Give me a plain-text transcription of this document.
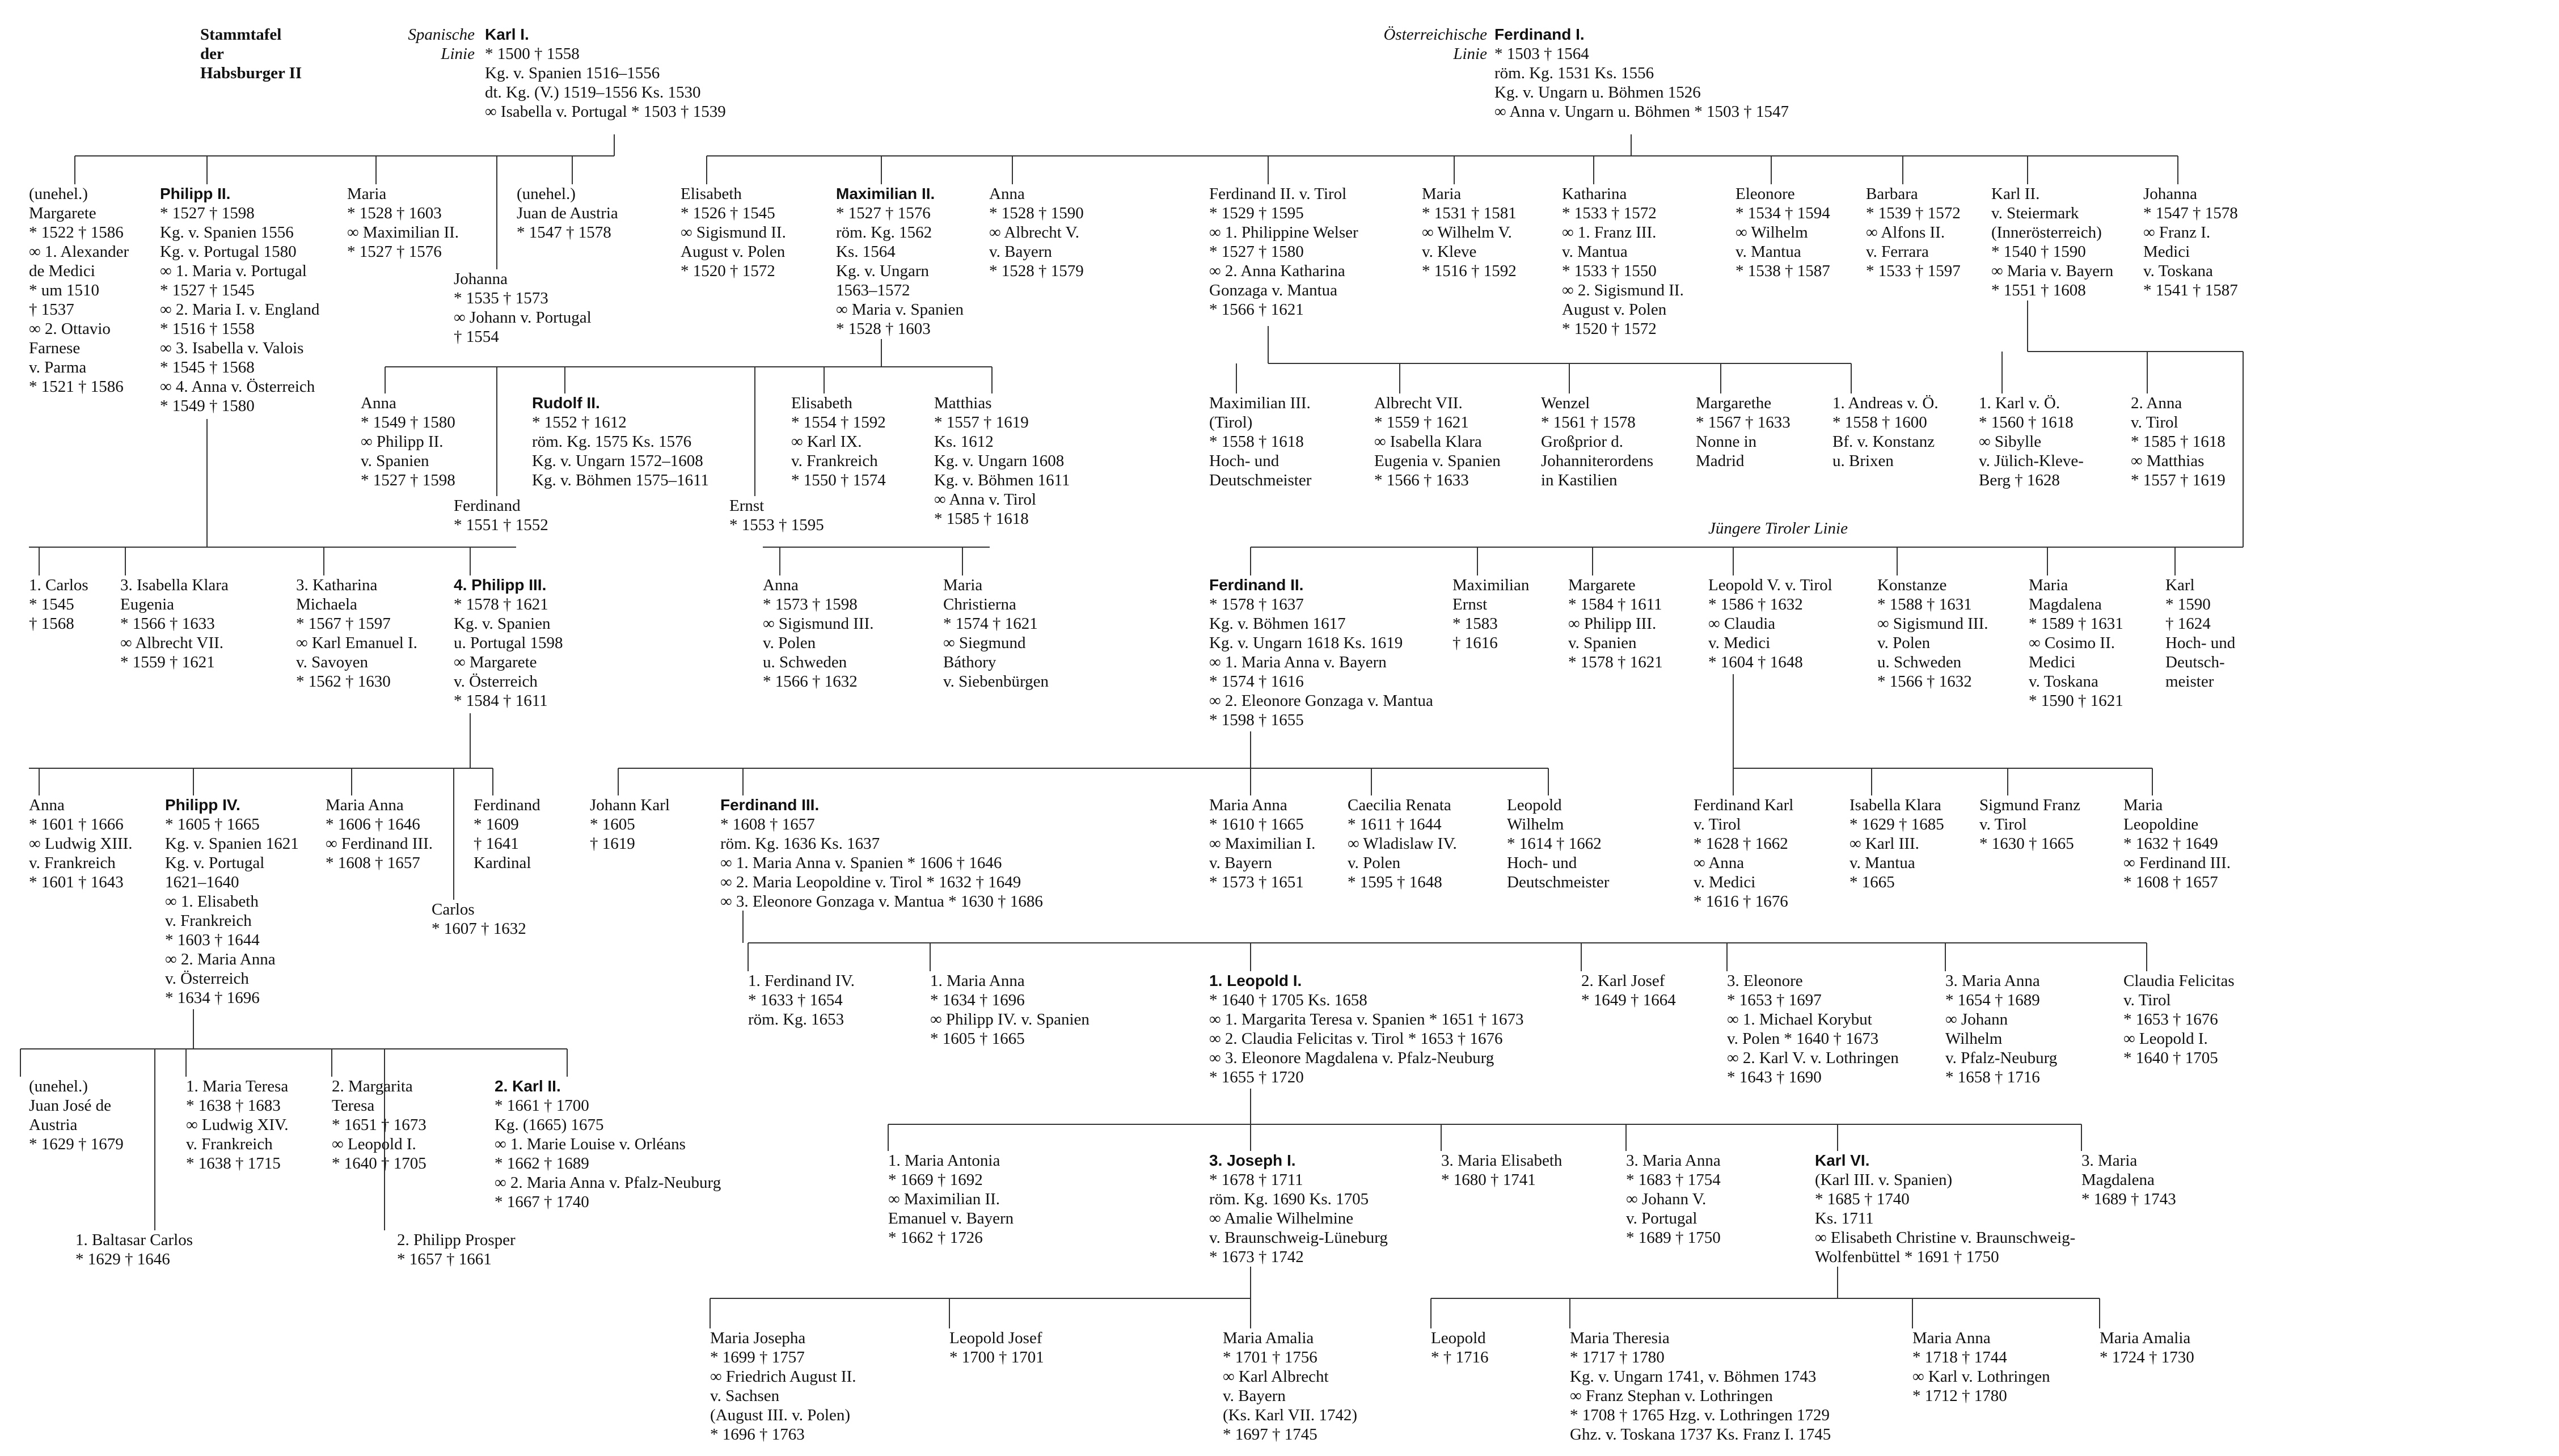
Stammtafel
der
Habsburger II
Spanische
Linie
Karl I.
* 1500 † 1558
Kg. v. Spanien 1516–1556
dt. Kg. (V.) 1519–1556 Ks. 1530
∞ Isabella v. Portugal * 1503 † 1539
Österreichische
Linie
Ferdinand I.
* 1503 † 1564
röm. Kg. 1531 Ks. 1556
Kg. v. Ungarn u. Böhmen 1526
∞ Anna v. Ungarn u. Böhmen * 1503 † 1547
(unehel.)
Margarete
* 1522 † 1586
∞ 1. Alexander
de Medici
* um 1510
† 1537
∞ 2. Ottavio
Farnese
v. Parma
* 1521 † 1586
Philipp II.
* 1527 † 1598
Kg. v. Spanien 1556
Kg. v. Portugal 1580
∞ 1. Maria v. Portugal
* 1527 † 1545
∞ 2. Maria I. v. England
* 1516 † 1558
∞ 3. Isabella v. Valois
* 1545 † 1568
∞ 4. Anna v. Österreich
* 1549 † 1580
Maria
* 1528 † 1603
∞ Maximilian II.
* 1527 † 1576
Johanna
* 1535 † 1573
∞ Johann v. Portugal
† 1554
(unehel.)
Juan de Austria
* 1547 † 1578
Elisabeth
* 1526 † 1545
∞ Sigismund II.
August v. Polen
* 1520 † 1572
Maximilian II.
* 1527 † 1576
röm. Kg. 1562
Ks. 1564
Kg. v. Ungarn
1563–1572
∞ Maria v. Spanien
* 1528 † 1603
Anna
* 1528 † 1590
∞ Albrecht V.
v. Bayern
* 1528 † 1579
Ferdinand II. v. Tirol
* 1529 † 1595
∞ 1. Philippine Welser
* 1527 † 1580
∞ 2. Anna Katharina
Gonzaga v. Mantua
* 1566 † 1621
Maria
* 1531 † 1581
∞ Wilhelm V.
v. Kleve
* 1516 † 1592
Katharina
* 1533 † 1572
∞ 1. Franz III.
v. Mantua
* 1533 † 1550
∞ 2. Sigismund II.
August v. Polen
* 1520 † 1572
Eleonore
* 1534 † 1594
∞ Wilhelm
v. Mantua
* 1538 † 1587
Barbara
* 1539 † 1572
∞ Alfons II.
v. Ferrara
* 1533 † 1597
Karl II.
v. Steiermark
(Innerösterreich)
* 1540 † 1590
∞ Maria v. Bayern
* 1551 † 1608
Johanna
* 1547 † 1578
∞ Franz I.
Medici
v. Toskana
* 1541 † 1587
Anna
* 1549 † 1580
∞ Philipp II.
v. Spanien
* 1527 † 1598
Rudolf II.
* 1552 † 1612
röm. Kg. 1575 Ks. 1576
Kg. v. Ungarn 1572–1608
Kg. v. Böhmen 1575–1611
Ferdinand
* 1551 † 1552
Ernst
* 1553 † 1595
Elisabeth
* 1554 † 1592
∞ Karl IX.
v. Frankreich
* 1550 † 1574
Matthias
* 1557 † 1619
Ks. 1612
Kg. v. Ungarn 1608
Kg. v. Böhmen 1611
∞ Anna v. Tirol
* 1585 † 1618
Maximilian III.
(Tirol)
* 1558 † 1618
Hoch- und
Deutschmeister
Albrecht VII.
* 1559 † 1621
∞ Isabella Klara
Eugenia v. Spanien
* 1566 † 1633
Wenzel
* 1561 † 1578
Großprior d.
Johanniterordens
in Kastilien
Margarethe
* 1567 † 1633
Nonne in
Madrid
1. Andreas v. Ö.
* 1558 † 1600
Bf. v. Konstanz
u. Brixen
1. Karl v. Ö.
* 1560 † 1618
∞ Sibylle
v. Jülich-Kleve-
Berg † 1628
2. Anna
v. Tirol
* 1585 † 1618
∞ Matthias
* 1557 † 1619
Jüngere Tiroler Linie
1. Carlos
* 1545
† 1568
3. Isabella Klara
Eugenia
* 1566 † 1633
∞ Albrecht VII.
* 1559 † 1621
3. Katharina
Michaela
* 1567 † 1597
∞ Karl Emanuel I.
v. Savoyen
* 1562 † 1630
4. Philipp III.
* 1578 † 1621
Kg. v. Spanien
u. Portugal 1598
∞ Margarete
v. Österreich
* 1584 † 1611
Anna
* 1573 † 1598
∞ Sigismund III.
v. Polen
u. Schweden
* 1566 † 1632
Maria
Christierna
* 1574 † 1621
∞ Siegmund
Báthory
v. Siebenbürgen
Ferdinand II.
* 1578 † 1637
Kg. v. Böhmen 1617
Kg. v. Ungarn 1618 Ks. 1619
∞ 1. Maria Anna v. Bayern
* 1574 † 1616
∞ 2. Eleonore Gonzaga v. Mantua
* 1598 † 1655
Maximilian
Ernst
* 1583
† 1616
Margarete
* 1584 † 1611
∞ Philipp III.
v. Spanien
* 1578 † 1621
Leopold V. v. Tirol
* 1586 † 1632
∞ Claudia
v. Medici
* 1604 † 1648
Konstanze
* 1588 † 1631
∞ Sigismund III.
v. Polen
u. Schweden
* 1566 † 1632
Maria
Magdalena
* 1589 † 1631
∞ Cosimo II.
Medici
v. Toskana
* 1590 † 1621
Karl
* 1590
† 1624
Hoch- und
Deutsch-
meister
Anna
* 1601 † 1666
∞ Ludwig XIII.
v. Frankreich
* 1601 † 1643
Philipp IV.
* 1605 † 1665
Kg. v. Spanien 1621
Kg. v. Portugal
1621–1640
∞ 1. Elisabeth
v. Frankreich
* 1603 † 1644
∞ 2. Maria Anna
v. Österreich
* 1634 † 1696
Maria Anna
* 1606 † 1646
∞ Ferdinand III.
* 1608 † 1657
Ferdinand
* 1609
† 1641
Kardinal
Carlos
* 1607 † 1632
Johann Karl
* 1605
† 1619
Ferdinand III.
* 1608 † 1657
röm. Kg. 1636 Ks. 1637
∞ 1. Maria Anna v. Spanien * 1606 † 1646
∞ 2. Maria Leopoldine v. Tirol * 1632 † 1649
∞ 3. Eleonore Gonzaga v. Mantua * 1630 † 1686
Maria Anna
* 1610 † 1665
∞ Maximilian I.
v. Bayern
* 1573 † 1651
Caecilia Renata
* 1611 † 1644
∞ Wladislaw IV.
v. Polen
* 1595 † 1648
Leopold
Wilhelm
* 1614 † 1662
Hoch- und
Deutschmeister
Ferdinand Karl
v. Tirol
* 1628 † 1662
∞ Anna
v. Medici
* 1616 † 1676
Isabella Klara
* 1629 † 1685
∞ Karl III.
v. Mantua
* 1665
Sigmund Franz
v. Tirol
* 1630 † 1665
Maria
Leopoldine
* 1632 † 1649
∞ Ferdinand III.
* 1608 † 1657
1. Ferdinand IV.
* 1633 † 1654
röm. Kg. 1653
1. Maria Anna
* 1634 † 1696
∞ Philipp IV. v. Spanien
* 1605 † 1665
1. Leopold I.
* 1640 † 1705 Ks. 1658
∞ 1. Margarita Teresa v. Spanien * 1651 † 1673
∞ 2. Claudia Felicitas v. Tirol * 1653 † 1676
∞ 3. Eleonore Magdalena v. Pfalz-Neuburg
* 1655 † 1720
2. Karl Josef
* 1649 † 1664
3. Eleonore
* 1653 † 1697
∞ 1. Michael Korybut
v. Polen * 1640 † 1673
∞ 2. Karl V. v. Lothringen
* 1643 † 1690
3. Maria Anna
* 1654 † 1689
∞ Johann
Wilhelm
v. Pfalz-Neuburg
* 1658 † 1716
Claudia Felicitas
v. Tirol
* 1653 † 1676
∞ Leopold I.
* 1640 † 1705
(unehel.)
Juan José de
Austria
* 1629 † 1679
1. Maria Teresa
* 1638 † 1683
∞ Ludwig XIV.
v. Frankreich
* 1638 † 1715
2. Margarita
Teresa
* 1651 † 1673
∞ Leopold I.
* 1640 † 1705
2. Karl II.
* 1661 † 1700
Kg. (1665) 1675
∞ 1. Marie Louise v. Orléans
* 1662 † 1689
∞ 2. Maria Anna v. Pfalz-Neuburg
* 1667 † 1740
1. Baltasar Carlos
* 1629 † 1646
2. Philipp Prosper
* 1657 † 1661
1. Maria Antonia
* 1669 † 1692
∞ Maximilian II.
Emanuel v. Bayern
* 1662 † 1726
3. Joseph I.
* 1678 † 1711
röm. Kg. 1690 Ks. 1705
∞ Amalie Wilhelmine
v. Braunschweig-Lüneburg
* 1673 † 1742
3. Maria Elisabeth
* 1680 † 1741
3. Maria Anna
* 1683 † 1754
∞ Johann V.
v. Portugal
* 1689 † 1750
Karl VI.
(Karl III. v. Spanien)
* 1685 † 1740
Ks. 1711
∞ Elisabeth Christine v. Braunschweig-
Wolfenbüttel * 1691 † 1750
3. Maria
Magdalena
* 1689 † 1743
Maria Josepha
* 1699 † 1757
∞ Friedrich August II.
v. Sachsen
(August III. v. Polen)
* 1696 † 1763
Leopold Josef
* 1700 † 1701
Maria Amalia
* 1701 † 1756
∞ Karl Albrecht
v. Bayern
(Ks. Karl VII. 1742)
* 1697 † 1745
Leopold
* † 1716
Maria Theresia
* 1717 † 1780
Kg. v. Ungarn 1741, v. Böhmen 1743
∞ Franz Stephan v. Lothringen
* 1708 † 1765 Hzg. v. Lothringen 1729
Ghz. v. Toskana 1737 Ks. Franz I. 1745
Maria Anna
* 1718 † 1744
∞ Karl v. Lothringen
* 1712 † 1780
Maria Amalia
* 1724 † 1730
